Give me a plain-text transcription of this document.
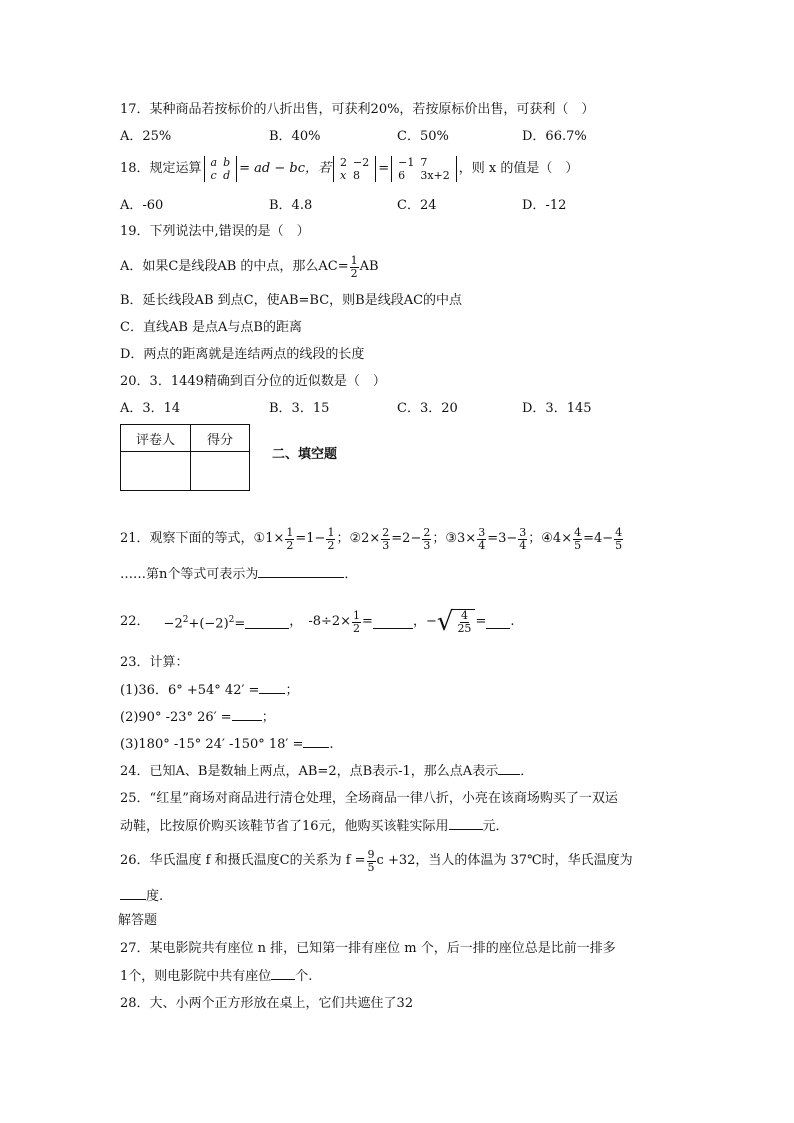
17．某种商品若按标价的八折出售，可获利20%，若按原标价出售，可获利（　）
A．25%	B．40%	C．50%	D．66.7%
18．规定运算 a	b
c	d = ad − bc，若 2	−2
x	8 = −1	7
6	3x+2 ，则 x 的值是（　）
A．-60	B．4.8	C．24	D．-12
19．下列说法中,错误的是（　）
A．如果C是线段AB 的中点，那么$AC= \frac{1}{2}$ AB
B．延长线段AB 到点C，使AB=BC，则B是线段AC的中点
C．直线AB 是点A与点B的距离
D．两点的距离就是连结两点的线段的长度
20．3．1449精确到百分位的近似数是（　）
A．3．14	B．3．15	C．3．20	D．3．145
评卷人	得分

二、填空题
21．观察下面的等式， ①1× $\frac{1}{2} =1- \frac{1}{2}$ ； ②2× $\frac{2}{3} =2- \frac{2}{3}$ ； ③3× $\frac{3}{4} =3- \frac{3}{4}$ ； ④4× $\frac{4}{5} =4- \frac{4}{5}$
……第n个等式可表示为	．
22． $-2^2+(-2)^2=$	， $-8\div 2\times \frac{1}{2}$ =	，− √ $\frac{4}{25}$ = .
23．计算：
(1)36．6° +54° 42′ = ；
(2)90° -23° 26′ = ；
(3)180° -15° 24′ -150° 18′ = .
24．已知A、B是数轴上两点，AB=2，点B表示-1，那么点A表示 ．
25．“红星”商场对商品进行清仓处理，全场商品一律八折，小亮在该商场购买了一双运
动鞋，比按原价购买该鞋节省了16元，他购买该鞋实际用	元．
26．华氏温度 f 和摄氏温度C的关系为 $f = \frac{9}{5}$ c +32，当人的体温为 37℃时，华氏温度为
度.
解答题
27．某电影院共有座位 n 排，已知第一排有座位 m 个，后一排的座位总是比前一排多
1个，则电影院中共有座位 个.
28．大、小两个正方形放在桌上，它们共遮住了32
